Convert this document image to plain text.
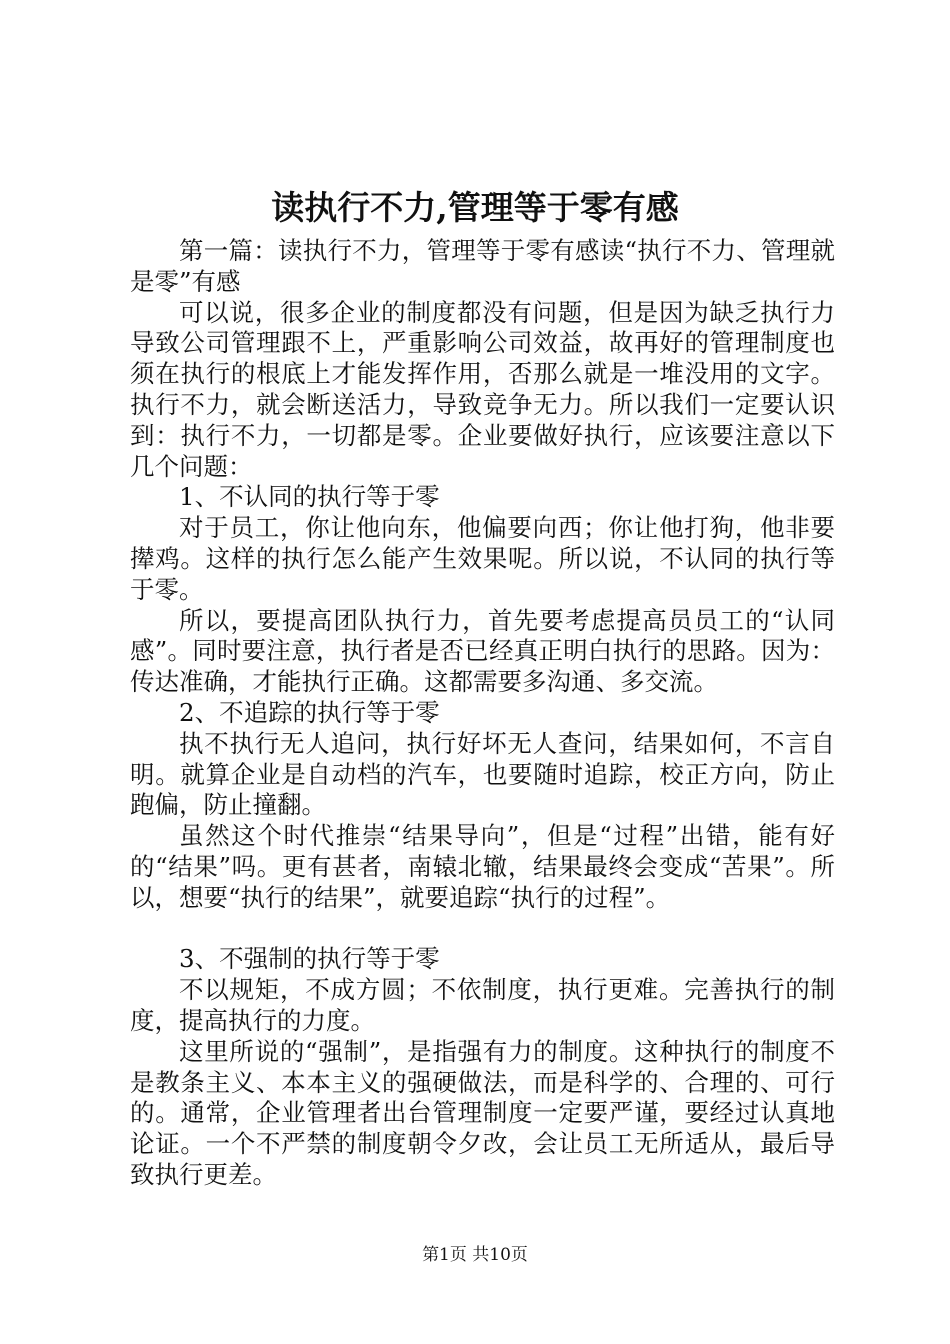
读执行不力,管理等于零有感

第一篇：读执行不力，管理等于零有感读“执行不力、管理就是零”有感

可以说，很多企业的制度都没有问题，但是因为缺乏执行力导致公司管理跟不上，严重影响公司效益，故再好的管理制度也须在执行的根底上才能发挥作用，否那么就是一堆没用的文字。执行不力，就会断送活力，导致竞争无力。所以我们一定要认识到：执行不力，一切都是零。企业要做好执行，应该要注意以下几个问题：

1、不认同的执行等于零

对于员工，你让他向东，他偏要向西；你让他打狗，他非要撵鸡。这样的执行怎么能产生效果呢。所以说，不认同的执行等于零。

所以，要提高团队执行力，首先要考虑提高员员工的“认同感”。同时要注意，执行者是否已经真正明白执行的思路。因为：传达准确，才能执行正确。这都需要多沟通、多交流。

2、不追踪的执行等于零

执不执行无人追问，执行好坏无人查问，结果如何，不言自明。就算企业是自动档的汽车，也要随时追踪，校正方向，防止跑偏，防止撞翻。

虽然这个时代推崇“结果导向”，但是“过程”出错，能有好的“结果”吗。更有甚者，南辕北辙，结果最终会变成“苦果”。所以，想要“执行的结果”，就要追踪“执行的过程”。

3、不强制的执行等于零

不以规矩，不成方圆；不依制度，执行更难。完善执行的制度，提高执行的力度。

这里所说的“强制”，是指强有力的制度。这种执行的制度不是教条主义、本本主义的强硬做法，而是科学的、合理的、可行的。通常，企业管理者出台管理制度一定要严谨，要经过认真地论证。一个不严禁的制度朝令夕改，会让员工无所适从，最后导致执行更差。

第1页 共10页
